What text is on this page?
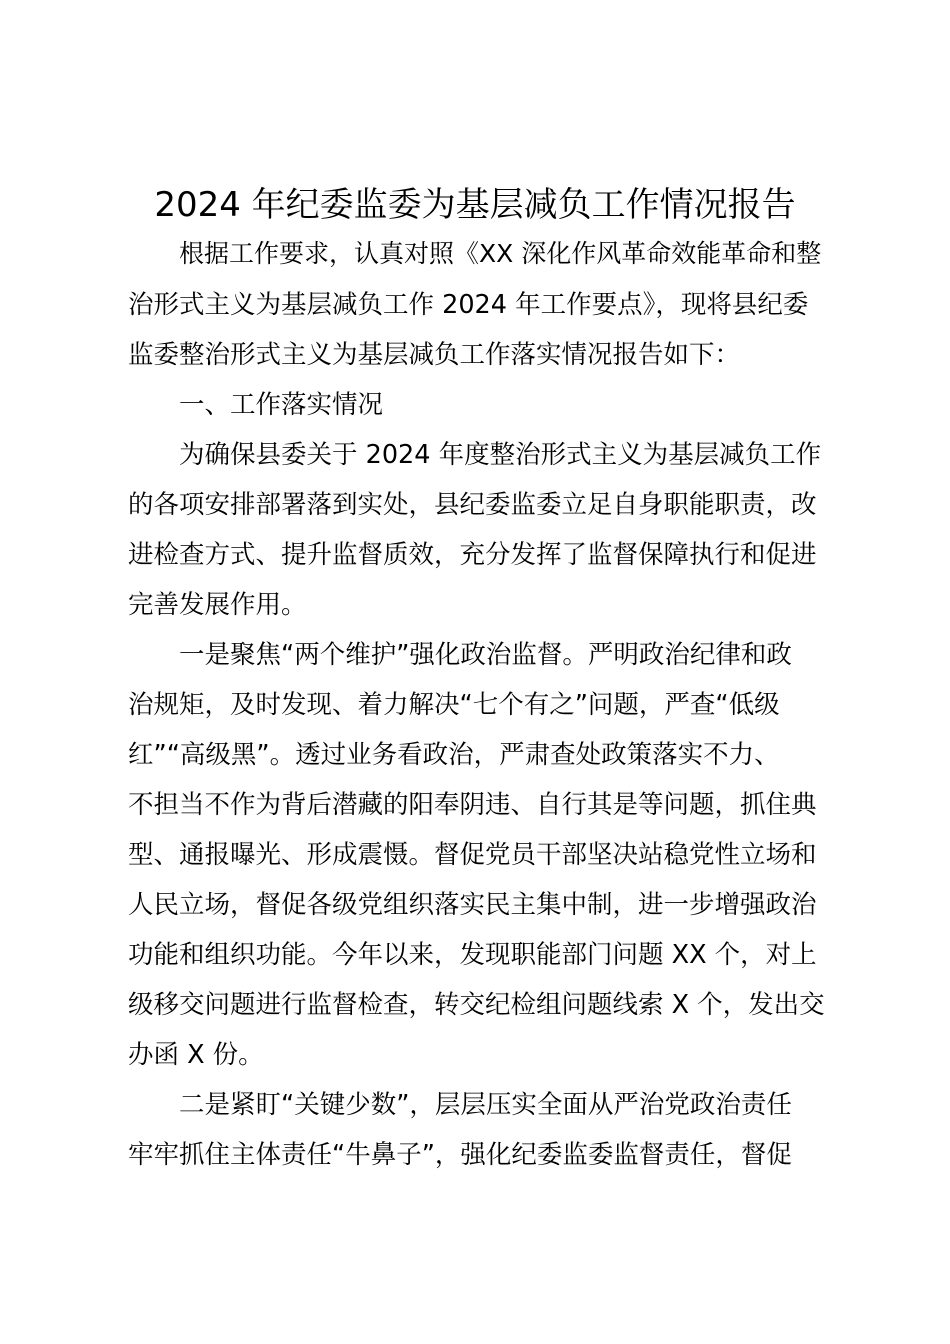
2024 年纪委监委为基层减负工作情况报告
根据工作要求，认真对照《XX 深化作风革命效能革命和整
治形式主义为基层减负工作 2024 年工作要点》，现将县纪委
监委整治形式主义为基层减负工作落实情况报告如下：
一、工作落实情况
为确保县委关于 2024 年度整治形式主义为基层减负工作
的各项安排部署落到实处，县纪委监委立足自身职能职责，改
进检查方式、提升监督质效，充分发挥了监督保障执行和促进
完善发展作用。
一是聚焦“两个维护”强化政治监督。严明政治纪律和政
治规矩，及时发现、着力解决“七个有之”问题，严查“低级
红”“高级黑”。透过业务看政治，严肃查处政策落实不力、
不担当不作为背后潜藏的阳奉阴违、自行其是等问题，抓住典
型、通报曝光、形成震慑。督促党员干部坚决站稳党性立场和
人民立场，督促各级党组织落实民主集中制，进一步增强政治
功能和组织功能。今年以来，发现职能部门问题 XX 个，对上
级移交问题进行监督检查，转交纪检组问题线索 X 个，发出交
办函 X 份。
二是紧盯“关键少数”，层层压实全面从严治党政治责任
牢牢抓住主体责任“牛鼻子”，强化纪委监委监督责任，督促
